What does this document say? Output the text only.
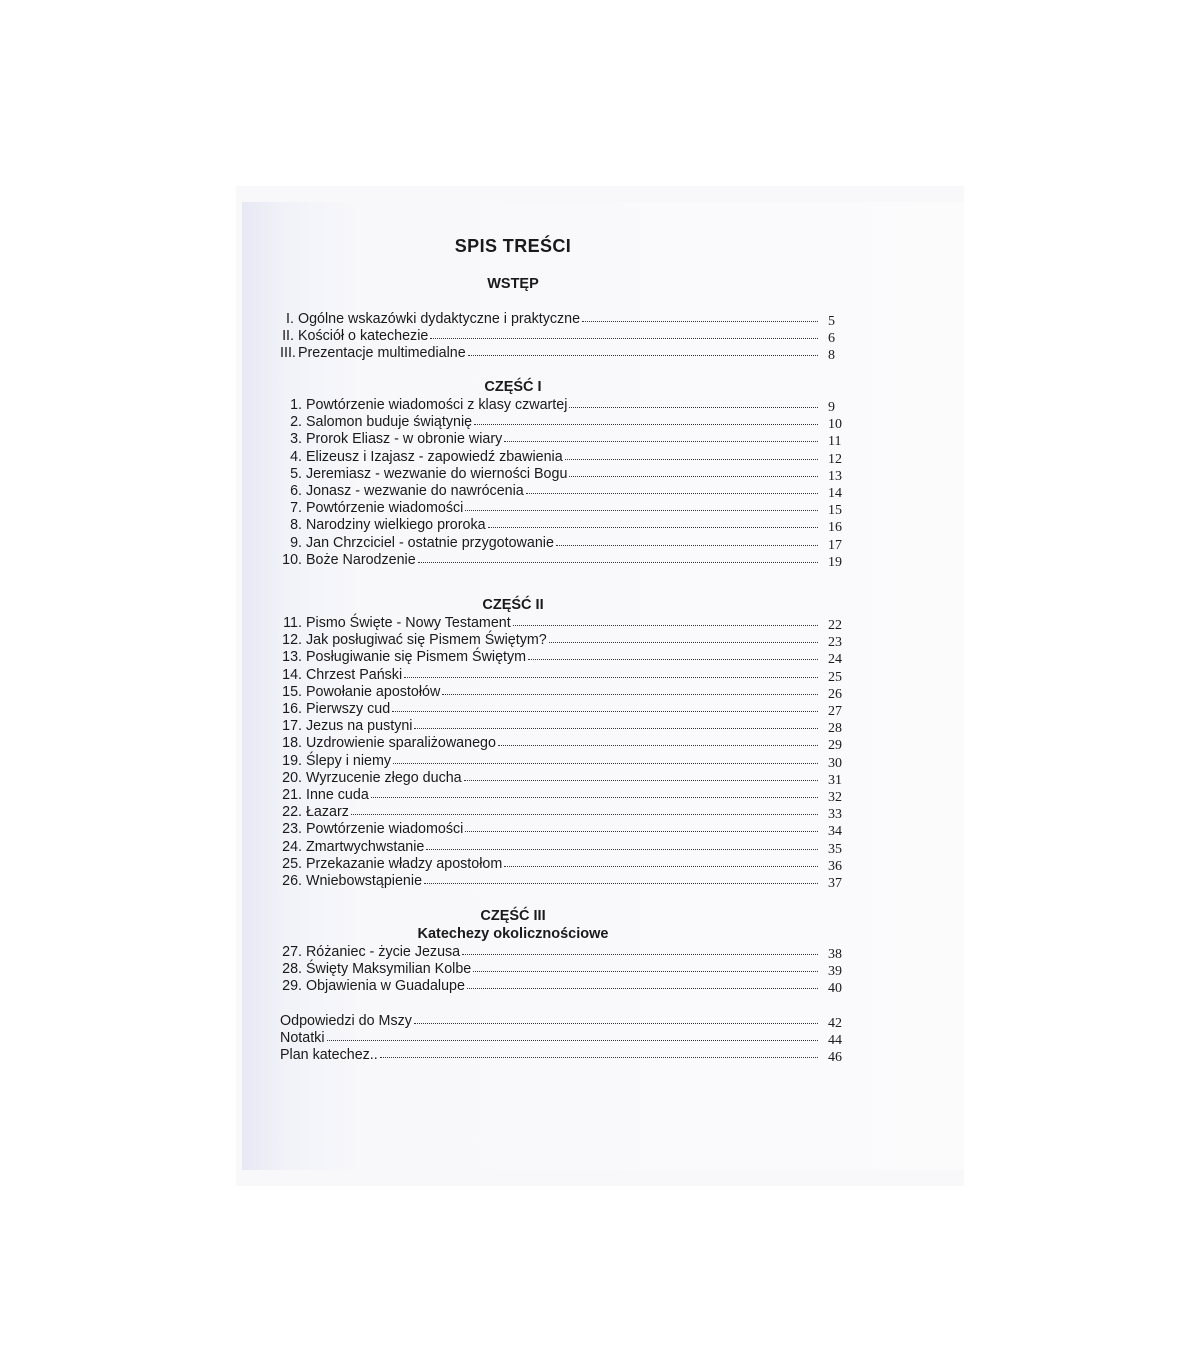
SPIS TREŚCI
WSTĘP
I. Ogólne wskazówki dydaktyczne i praktyczne	5
II. Kościół o katechezie	6
III. Prezentacje multimedialne	8
CZĘŚĆ I
1. Powtórzenie wiadomości z klasy czwartej	9
2. Salomon buduje świątynię	10
3. Prorok Eliasz - w obronie wiary	11
4. Elizeusz i Izajasz - zapowiedź zbawienia	12
5. Jeremiasz - wezwanie do wierności Bogu	13
6. Jonasz - wezwanie do nawrócenia	14
7. Powtórzenie wiadomości	15
8. Narodziny wielkiego proroka	16
9. Jan Chrzciciel - ostatnie przygotowanie	17
10. Boże Narodzenie	19
CZĘŚĆ II
11. Pismo Święte - Nowy Testament	22
12. Jak posługiwać się Pismem Świętym?	23
13. Posługiwanie się Pismem Świętym	24
14. Chrzest Pański	25
15. Powołanie apostołów	26
16. Pierwszy cud	27
17. Jezus na pustyni	28
18. Uzdrowienie sparaliżowanego	29
19. Ślepy i niemy	30
20. Wyrzucenie złego ducha	31
21. Inne cuda	32
22. Łazarz	33
23. Powtórzenie wiadomości	34
24. Zmartwychwstanie	35
25. Przekazanie władzy apostołom	36
26. Wniebowstąpienie	37
CZĘŚĆ III
Katechezy okolicznościowe
27. Różaniec - życie Jezusa	38
28. Święty Maksymilian Kolbe	39
29. Objawienia w Guadalupe	40
Odpowiedzi do Mszy	42
Notatki	44
Plan katechez..	46
